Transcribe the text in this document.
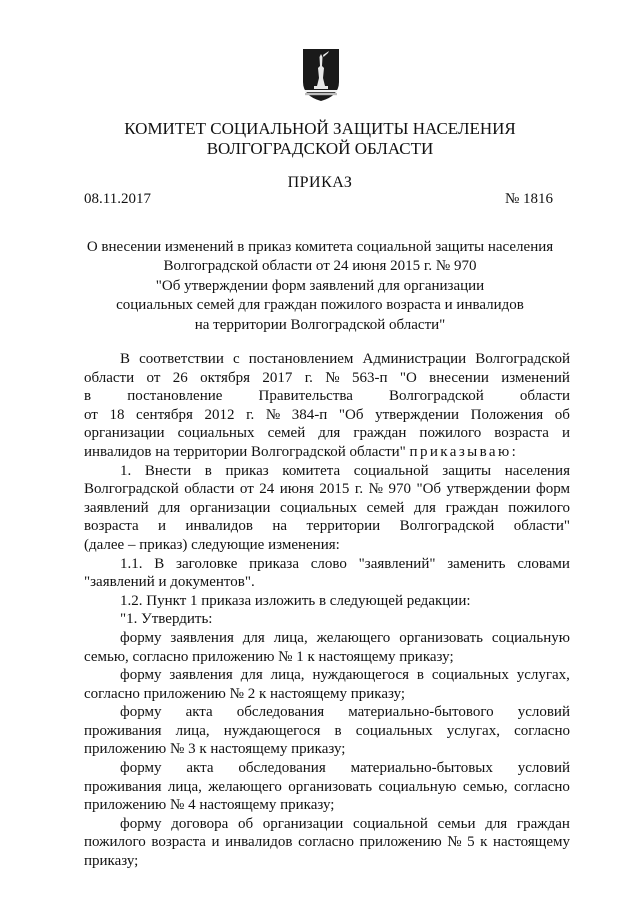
КОМИТЕТ СОЦИАЛЬНОЙ ЗАЩИТЫ НАСЕЛЕНИЯ
ВОЛГОГРАДСКОЙ ОБЛАСТИ
ПРИКАЗ
08.11.2017	№ 1816
О внесении изменений в приказ комитета социальной защиты населения
Волгоградской области от 24 июня 2015 г. № 970
"Об утверждении форм заявлений для организации
социальных семей для граждан пожилого возраста и инвалидов
на территории Волгоградской области"
В соответствии с постановлением Администрации Волгоградской
области от 26 октября 2017 г. № 563-п "О внесении изменений
в постановление Правительства Волгоградской области
от 18 сентября 2012 г. № 384-п "Об утверждении Положения об
организации социальных семей для граждан пожилого возраста и
инвалидов на территории Волгоградской области" приказываю :
1. Внести в приказ комитета социальной защиты населения
Волгоградской области от 24 июня 2015 г. № 970 "Об утверждении форм
заявлений для организации социальных семей для граждан пожилого
возраста и инвалидов на территории Волгоградской области"
(далее – приказ) следующие изменения:
1.1. В заголовке приказа слово "заявлений" заменить словами
"заявлений и документов".
1.2. Пункт 1 приказа изложить в следующей редакции:
"1. Утвердить:
форму заявления для лица, желающего организовать социальную
семью, согласно приложению № 1 к настоящему приказу;
форму заявления для лица, нуждающегося в социальных услугах,
согласно приложению № 2 к настоящему приказу;
форму акта обследования материально-бытового условий
проживания лица, нуждающегося в социальных услугах, согласно
приложению № 3 к настоящему приказу;
форму акта обследования материально-бытовых условий
проживания лица, желающего организовать социальную семью, согласно
приложению № 4 настоящему приказу;
форму договора об организации социальной семьи для граждан
пожилого возраста и инвалидов согласно приложению № 5 к настоящему
приказу;
